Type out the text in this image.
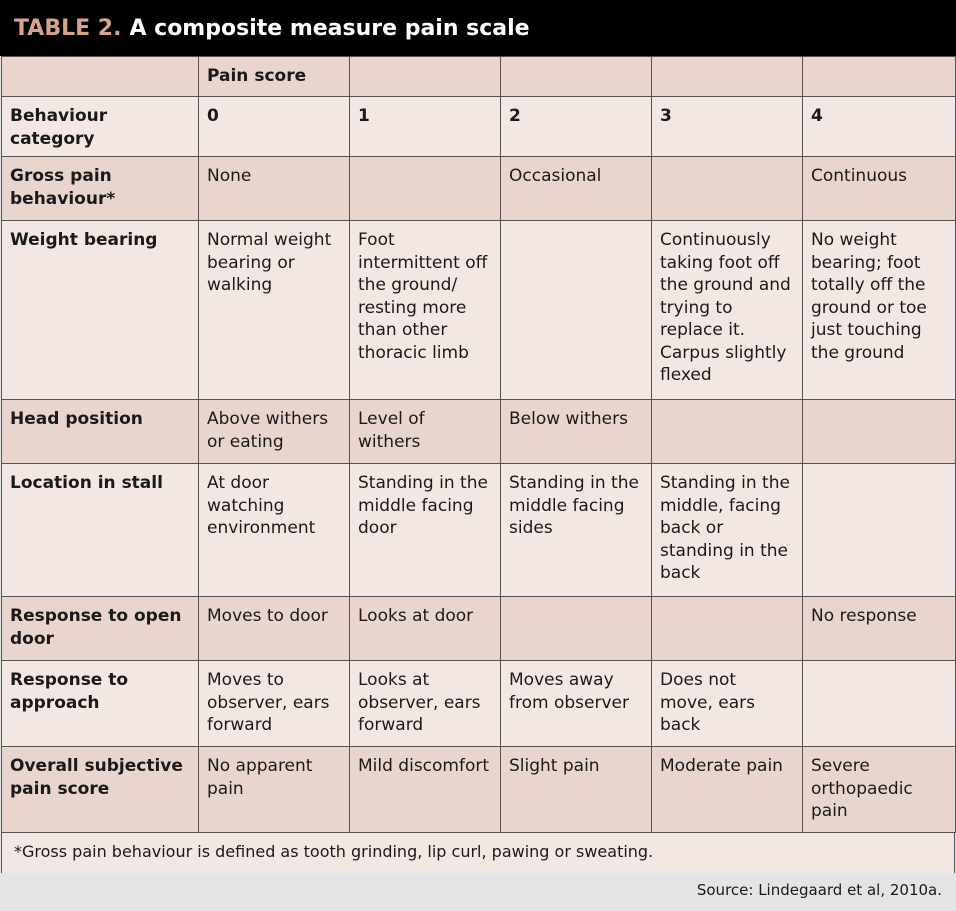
TABLE 2. A composite measure pain scale
	Pain score				
Behaviour category	0	1	2	3	4
Gross pain behaviour*	None		Occasional		Continuous
Weight bearing	Normal weight bearing or walking	Foot intermittent off the ground/ resting more than other thoracic limb		Continuously taking foot off the ground and trying to replace it. Carpus slightly flexed	No weight bearing; foot totally off the ground or toe just touching the ground
Head position	Above withers or eating	Level of withers	Below withers		
Location in stall	At door watching environment	Standing in the middle facing door	Standing in the middle facing sides	Standing in the middle, facing back or standing in the back	
Response to open door	Moves to door	Looks at door			No response
Response to approach	Moves to observer, ears forward	Looks at observer, ears forward	Moves away from observer	Does not move, ears back	
Overall subjective pain score	No apparent pain	Mild discomfort	Slight pain	Moderate pain	Severe orthopaedic pain
*Gross pain behaviour is defined as tooth grinding, lip curl, pawing or sweating.
Source: Lindegaard et al, 2010a.
